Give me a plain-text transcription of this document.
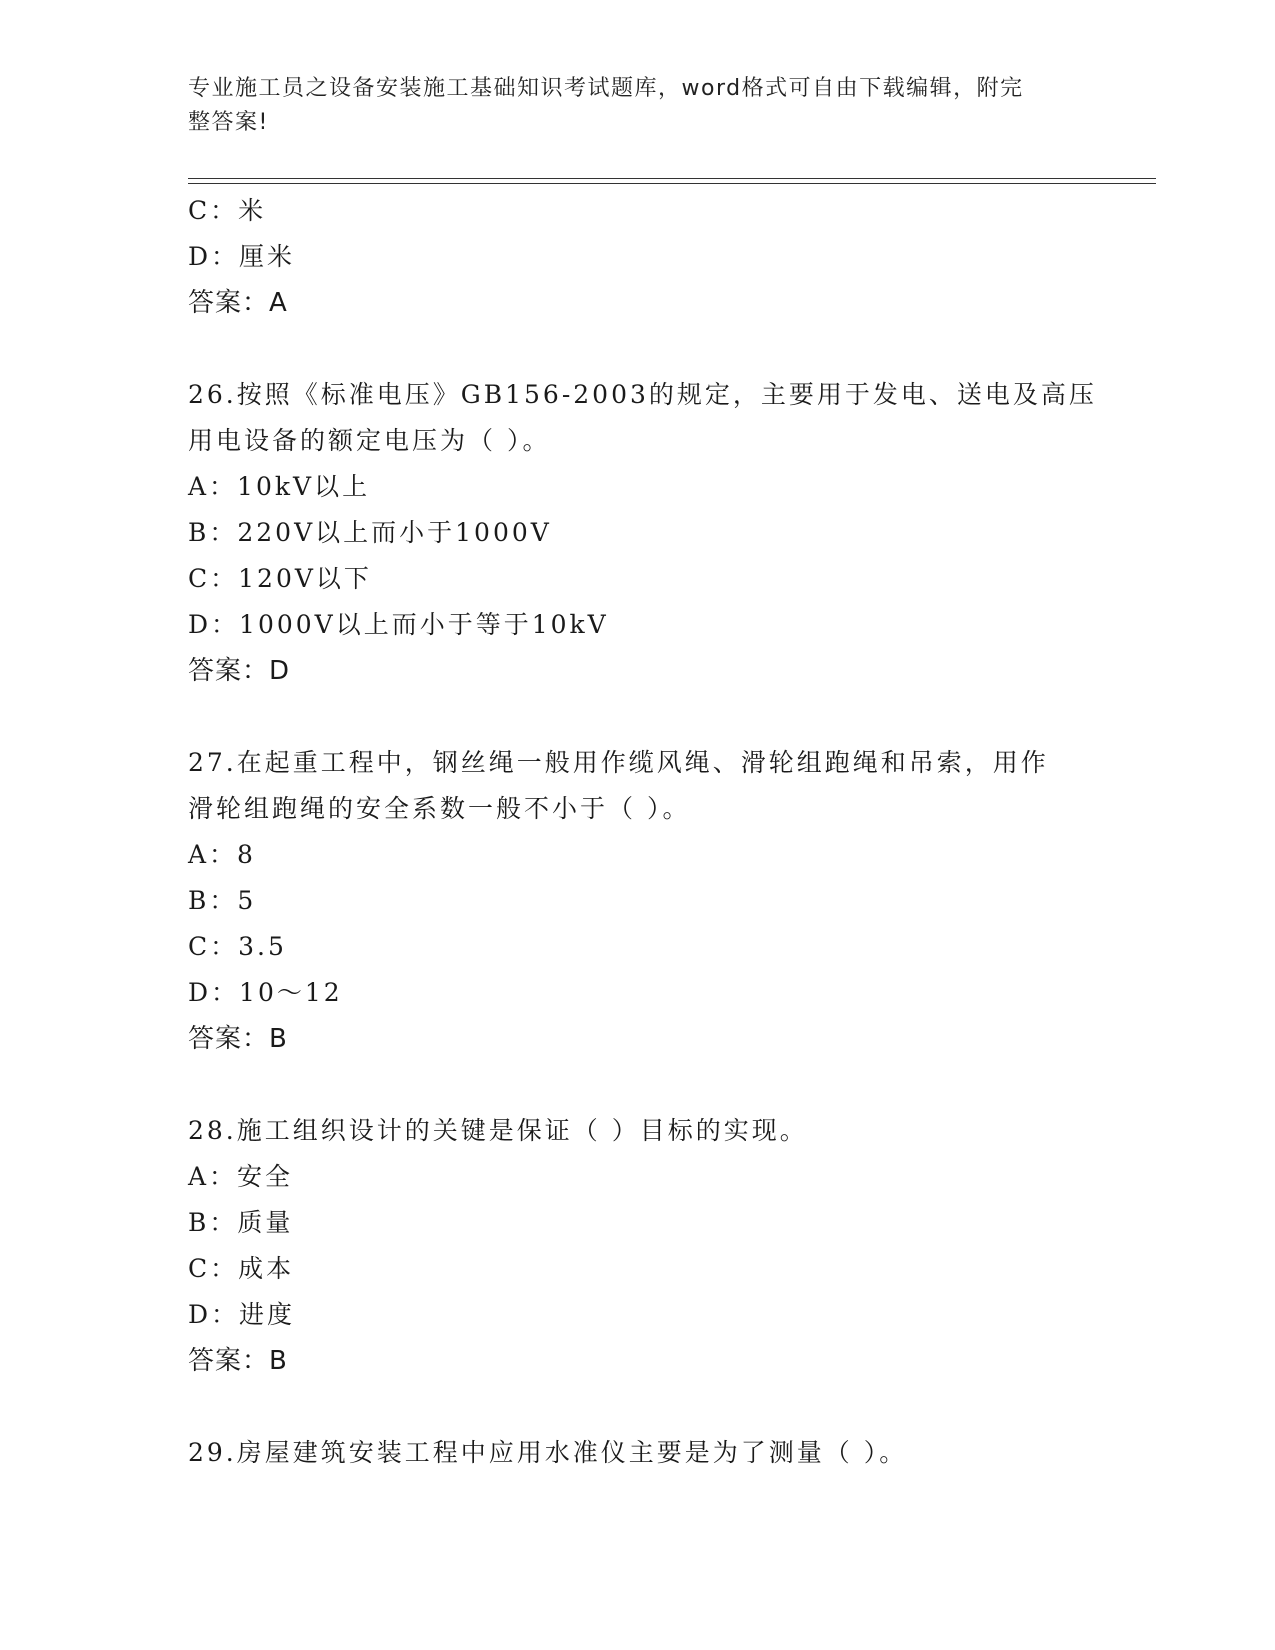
专业施工员之设备安装施工基础知识考试题库，word格式可自由下载编辑，附完
整答案!
C：米
D：厘米
答案：A
26.按照《标准电压》GB156-2003的规定，主要用于发电、送电及高压
用电设备的额定电压为（ ）。
A：10kV以上
B：220V以上而小于1000V
C：120V以下
D：1000V以上而小于等于10kV
答案：D
27.在起重工程中，钢丝绳一般用作缆风绳、滑轮组跑绳和吊索，用作
滑轮组跑绳的安全系数一般不小于（ ）。
A：8
B：5
C：3.5
D：10～12
答案：B
28.施工组织设计的关键是保证（ ）目标的实现。
A：安全
B：质量
C：成本
D：进度
答案：B
29.房屋建筑安装工程中应用水准仪主要是为了测量（ ）。
